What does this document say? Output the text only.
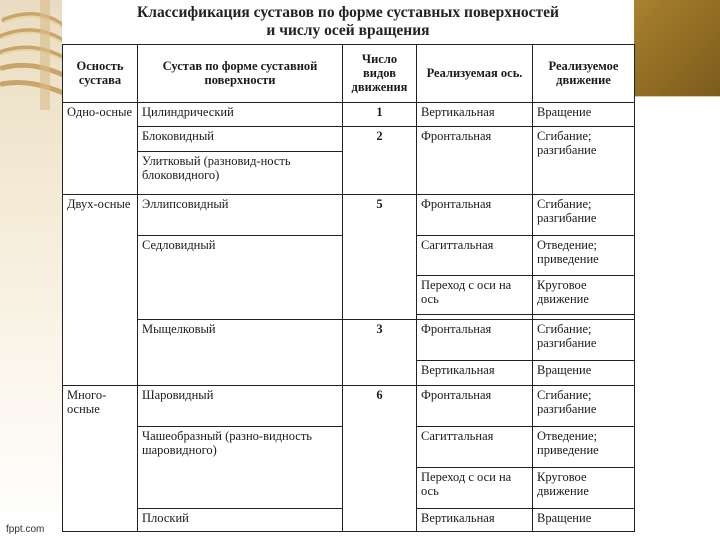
Классификация суставов по форме суставных поверхностей
и числу осей вращения
Осность сустава	Сустав по форме суставной поверхности	Число видов движения	Реализуемая ось.	Реализуемое движение
Одно-осные	Цилиндрический	1	Вертикальная	Вращение
	Блоковидный	2	Фронтальная	Сгибание; разгибание
	Улитковый (разновид-ность блоковидного)			
Двух-осные	Эллипсовидный	5	Фронтальная	Сгибание; разгибание
	Седловидный		Сагиттальная	Отведение; приведение
			Переход с оси на ось	Круговое движение

	Мыщелковый	3	Фронтальная	Сгибание; разгибание
			Вертикальная	Вращение
Много-осные	Шаровидный	6	Фронтальная	Сгибание; разгибание
	Чашеобразный (разно-видность шаровидного)		Сагиттальная	Отведение; приведение
			Переход с оси на ось	Круговое движение
	Плоский		Вертикальная	Вращение
fppt.com
